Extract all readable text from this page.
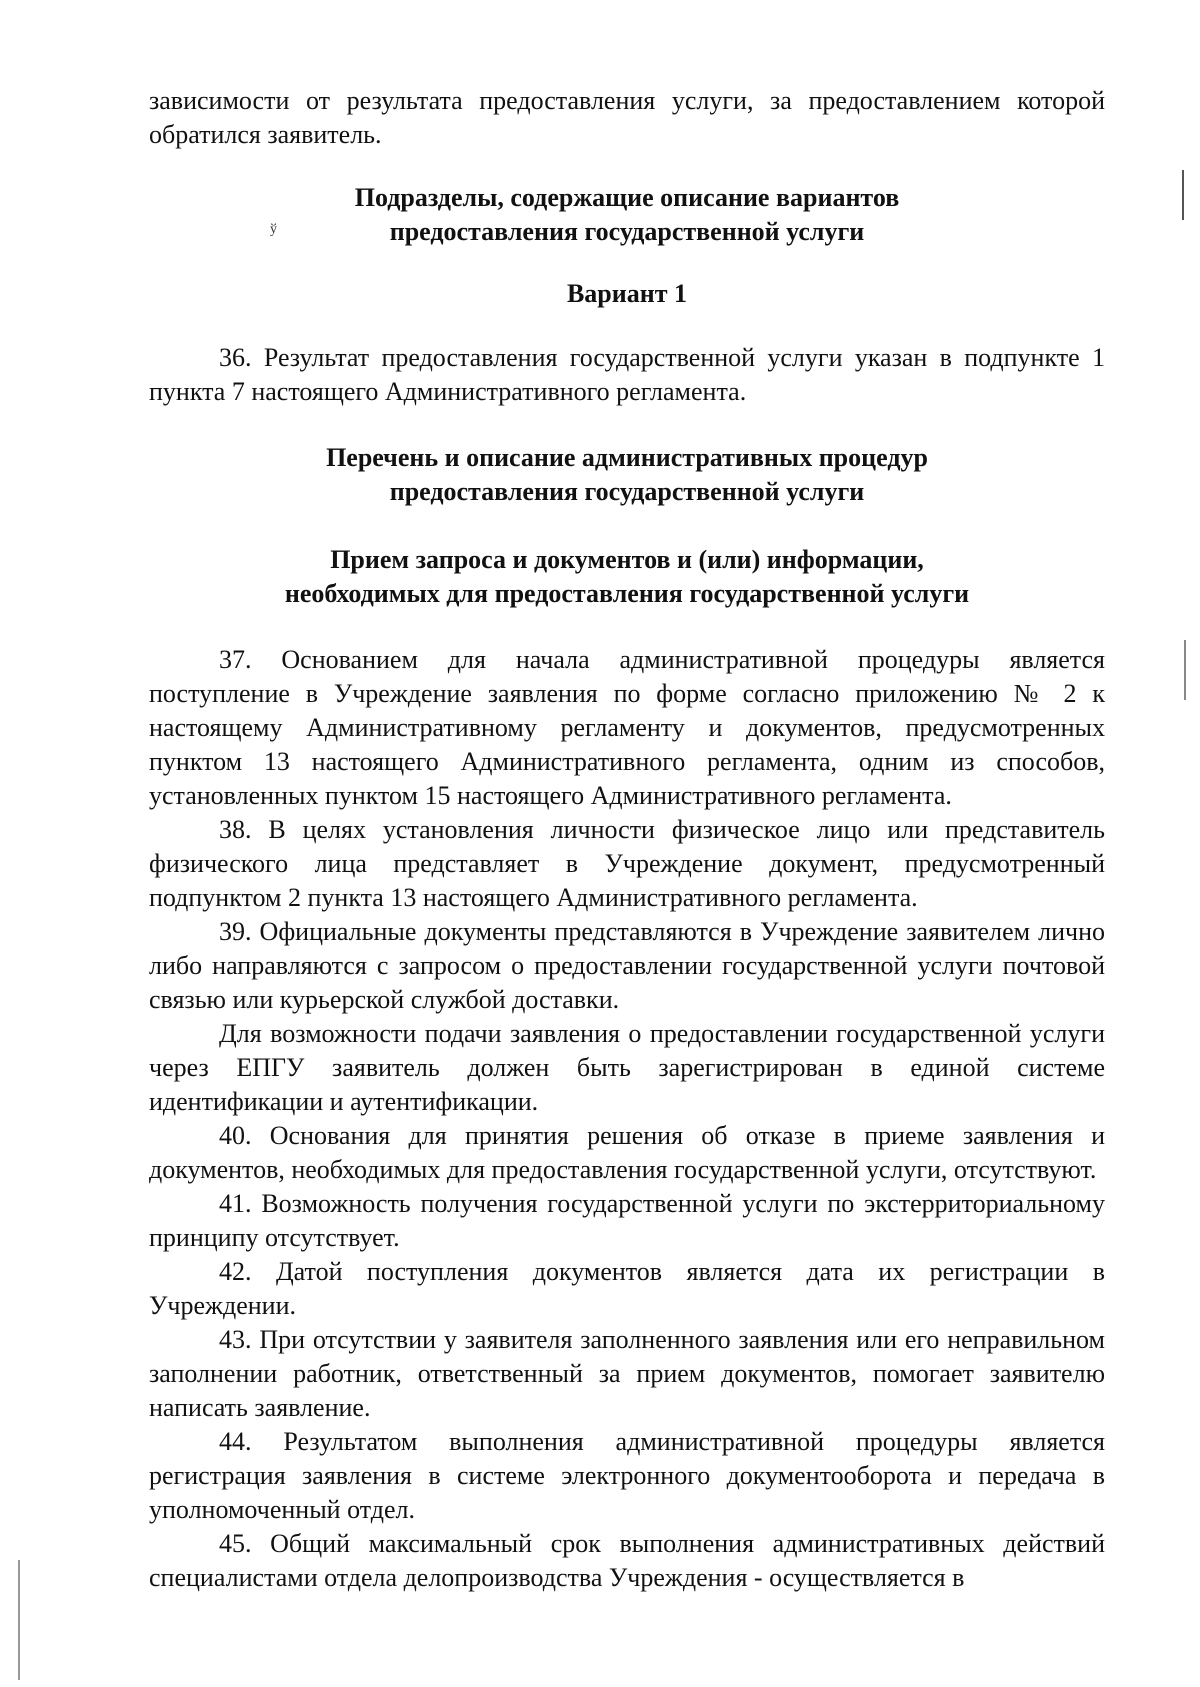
ў

зависимости от результата предоставления услуги, за предоставлением которой обратился заявитель.

Подразделы, содержащие описание вариантов
предоставления государственной услуги
Вариант 1

36. Результат предоставления государственной услуги указан в подпункте 1 пункта 7 настоящего Административного регламента.

Перечень и описание административных процедур
предоставления государственной услуги
Прием запроса и документов и (или) информации,
необходимых для предоставления государственной услуги

37. Основанием для начала административной процедуры является поступление в Учреждение заявления по форме согласно приложению № 2 к настоящему Административному регламенту и документов, предусмотренных пунктом 13 настоящего Административного регламента, одним из способов, установленных пунктом 15 настоящего Административного регламента.

38. В целях установления личности физическое лицо или представитель физического лица представляет в Учреждение документ, предусмотренный подпунктом 2 пункта 13 настоящего Административного регламента.

39. Официальные документы представляются в Учреждение заявителем лично либо направляются с запросом о предоставлении государственной услуги почтовой связью или курьерской службой доставки.

Для возможности подачи заявления о предоставлении государственной услуги через ЕПГУ заявитель должен быть зарегистрирован в единой системе идентификации и аутентификации.

40. Основания для принятия решения об отказе в приеме заявления и документов, необходимых для предоставления государственной услуги, отсутствуют.

41. Возможность получения государственной услуги по экстерриториальному принципу отсутствует.

42. Датой поступления документов является дата их регистрации в Учреждении.

43. При отсутствии у заявителя заполненного заявления или его неправильном заполнении работник, ответственный за прием документов, помогает заявителю написать заявление.

44. Результатом выполнения административной процедуры является регистрация заявления в системе электронного документооборота и передача в уполномоченный отдел.

45. Общий максимальный срок выполнения административных действий специалистами отдела делопроизводства Учреждения - осуществляется в
